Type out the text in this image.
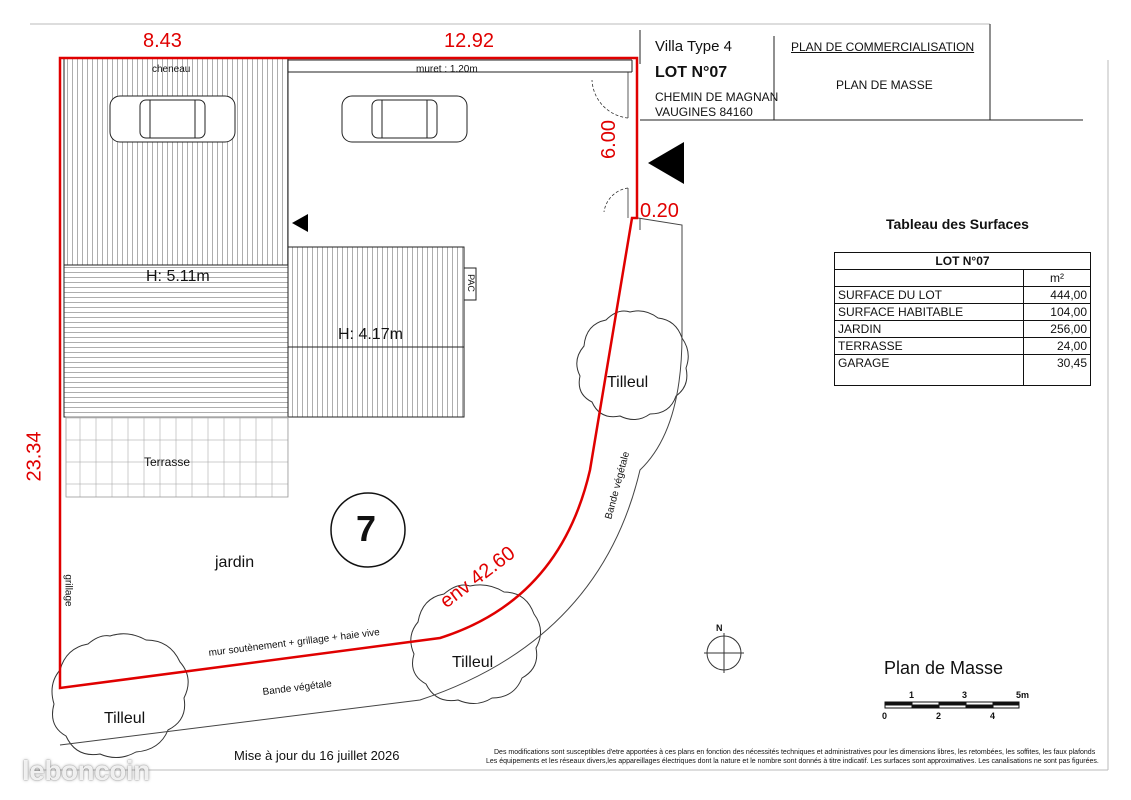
Villa Type 4
LOT N°07
CHEMIN DE MAGNAN
VAUGINES 84160
PLAN DE COMMERCIALISATION
PLAN DE MASSE
8.43	12.92
23.34
6.00
0.20
env 42.60
cheneau	muret : 1.20m
H: 5.11m
H: 4.17m
PAC
Terrasse
jardin
7
grillage
mur soutènement + grillage + haie vive
Bande végétale
Bande végétale
Tilleul
Tilleul
Tilleul
N
Tableau des Surfaces
LOT N°07	
	m²
SURFACE DU LOT	444,00
SURFACE HABITABLE	104,00
JARDIN	256,00
TERRASSE	24,00
GARAGE	30,45

Plan de Masse
1	3	5m
0	2	4
Mise à jour du 16 juillet 2026	Des modifications sont susceptibles d'etre apportées à ces plans en fonction des nécessités techniques et administratives pour les dimensions libres, les retombées, les soffites, les faux plafonds
Les équipements et les réseaux divers,les appareillages électriques dont la nature et le nombre sont donnés à titre indicatif. Les surfaces sont approximatives. Les canalisations ne sont pas figurées.
leboncoin
